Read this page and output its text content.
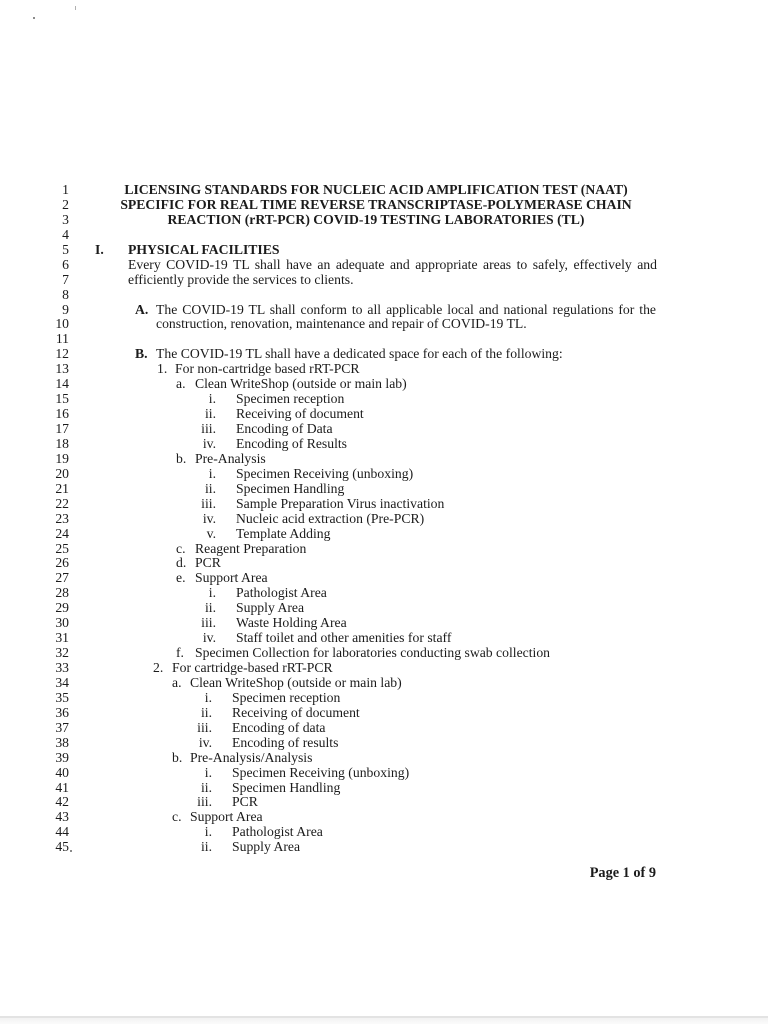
1
2
3
4
5
6
7
8
9
10
11
12
13
14
15
16
17
18
19
20
21
22
23
24
25
26
27
28
29
30
31
32
33
34
35
36
37
38
39
40
41
42
43
44
45
LICENSING STANDARDS FOR NUCLEIC ACID AMPLIFICATION TEST (NAAT)
SPECIFIC FOR REAL TIME REVERSE TRANSCRIPTASE-POLYMERASE CHAIN
REACTION (rRT-PCR) COVID-19 TESTING LABORATORIES (TL)
I. PHYSICAL FACILITIES
Every COVID-19 TL shall have an adequate and appropriate areas to safely, effectively and
efficiently provide the services to clients.
A. The COVID-19 TL shall conform to all applicable local and national regulations for the
construction, renovation, maintenance and repair of COVID-19 TL.
B. The COVID-19 TL shall have a dedicated space for each of the following:
1. For non-cartridge based rRT-PCR
a. Clean WriteShop (outside or main lab)
i. Specimen reception
ii. Receiving of document
iii. Encoding of Data
iv. Encoding of Results
b. Pre-Analysis
i. Specimen Receiving (unboxing)
ii. Specimen Handling
iii. Sample Preparation Virus inactivation
iv. Nucleic acid extraction (Pre-PCR)
v. Template Adding
c. Reagent Preparation
d. PCR
e. Support Area
i. Pathologist Area
ii. Supply Area
iii. Waste Holding Area
iv. Staff toilet and other amenities for staff
f. Specimen Collection for laboratories conducting swab collection
2. For cartridge-based rRT-PCR
a. Clean WriteShop (outside or main lab)
i. Specimen reception
ii. Receiving of document
iii. Encoding of data
iv. Encoding of results
b. Pre-Analysis/Analysis
i. Specimen Receiving (unboxing)
ii. Specimen Handling
iii. PCR
c. Support Area
i. Pathologist Area
ii. Supply Area
Page 1 of 9
